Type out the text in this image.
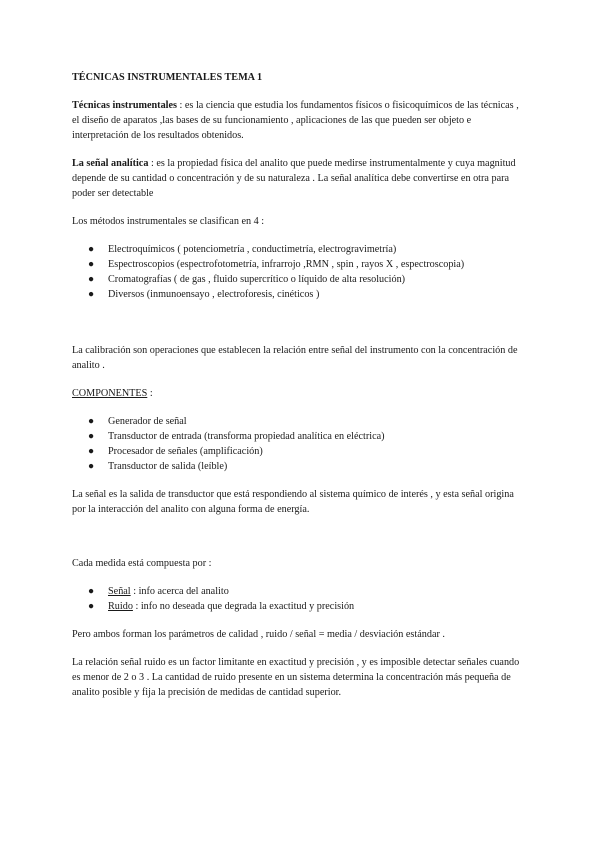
TÉCNICAS INSTRUMENTALES TEMA 1

Técnicas instrumentales : es la ciencia que estudia los fundamentos físicos o fisicoquímicos de las técnicas , el diseño de aparatos ,las bases de su funcionamiento , aplicaciones de las que pueden ser objeto e interpretación de los resultados obtenidos.

La señal analítica : es la propiedad física del analito que puede medirse instrumentalmente y cuya magnitud depende de su cantidad o concentración y de su naturaleza . La señal analítica debe convertirse en otra para poder ser detectable

Los métodos instrumentales se clasifican en 4 :

● Electroquímicos ( potenciometría , conductimetría, electrogravimetría)
● Espectroscopios (espectrofotometría, infrarrojo ,RMN , spin , rayos X , espectroscopia)
● Cromatografías ( de gas , fluido supercrítico o líquido de alta resolución)
● Diversos (inmunoensayo , electroforesis, cinéticos )

La calibración son operaciones que establecen la relación entre señal del instrumento con la concentración de analito .

COMPONENTES :

● Generador de señal
● Transductor de entrada (transforma propiedad analítica en eléctrica)
● Procesador de señales (amplificación)
● Transductor de salida (leíble)

La señal es la salida de transductor que está respondiendo al sistema químico de interés , y esta señal origina por la interacción del analito con alguna forma de energía.

Cada medida está compuesta por :

● Señal : info acerca del analito
● Ruido : info no deseada que degrada la exactitud y precisión

Pero ambos forman los parámetros de calidad , ruido / señal = media / desviación estándar .

La relación señal ruido es un factor limitante en exactitud y precisión , y es imposible detectar señales cuando es menor de 2 o 3 . La cantidad de ruido presente en un sistema determina la concentración más pequeña de analito posible y fija la precisión de medidas de cantidad superior.
